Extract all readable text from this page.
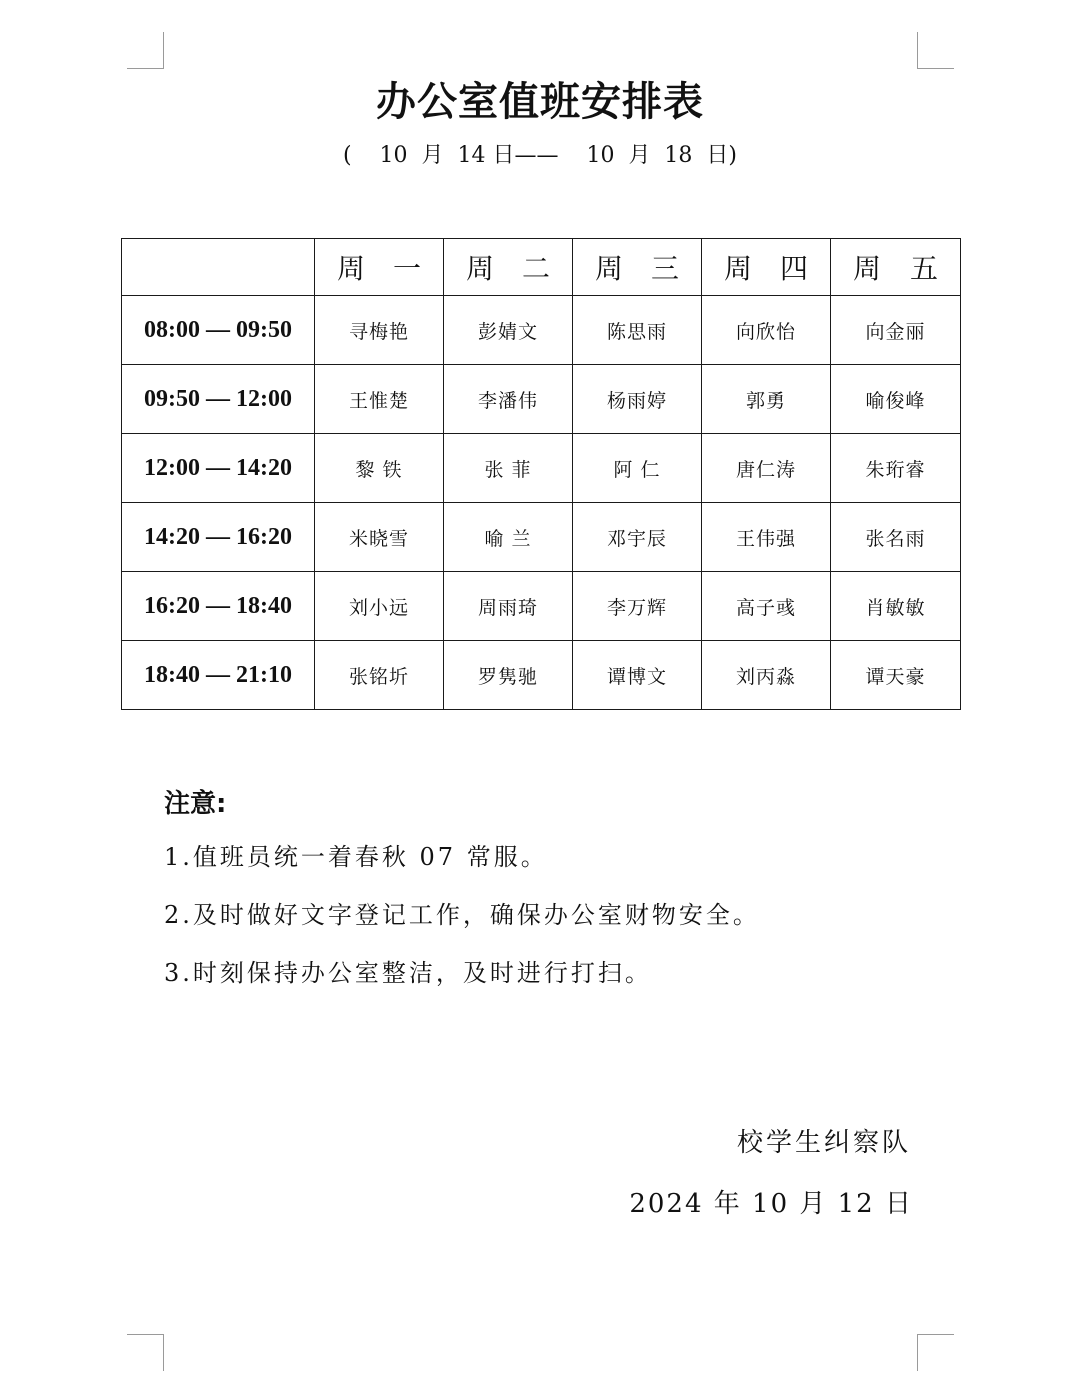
办公室值班安排表
(    10  月  14 日——    10  月  18  日)

	周 一	周 二	周 三	周 四	周 五

08:00 — 09:50	寻梅艳	彭婧文	陈思雨	向欣怡	向金丽
09:50 — 12:00	王惟楚	李潘伟	杨雨婷	郭勇	喻俊峰
12:00 — 14:20	黎 铁	张 菲	阿 仁	唐仁涛	朱珩睿
14:20 — 16:20	米晓雪	喻 兰	邓宇辰	王伟强	张名雨
16:20 — 18:40	刘小远	周雨琦	李万辉	高子彧	肖敏敏
18:40 — 21:10	张铭圻	罗隽驰	谭博文	刘丙淼	谭天豪
注意:
1.值班员统一着春秋 07 常服。
2.及时做好文字登记工作，确保办公室财物安全。
3.时刻保持办公室整洁，及时进行打扫。
校学生纠察队
2024 年 10 月 12 日
